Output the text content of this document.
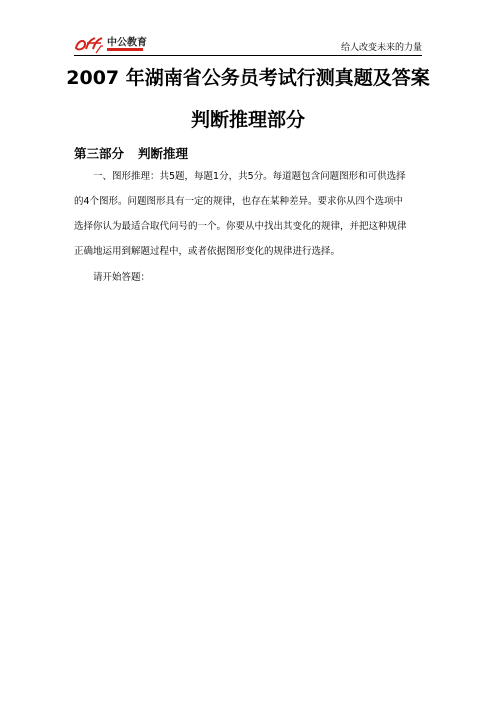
中公教育	给人改变未来的力量
2007 年湖南省公务员考试行测真题及答案
判断推理部分
第三部分 判断推理

一、图形推理：共5题，每题1分，共5分。每道题包含问题图形和可供选择

的4个图形。问题图形具有一定的规律，也存在某种差异。要求你从四个选项中

选择你认为最适合取代问号的一个。你要从中找出其变化的规律，并把这种规律

正确地运用到解题过程中，或者依据图形变化的规律进行选择。

请开始答题：
